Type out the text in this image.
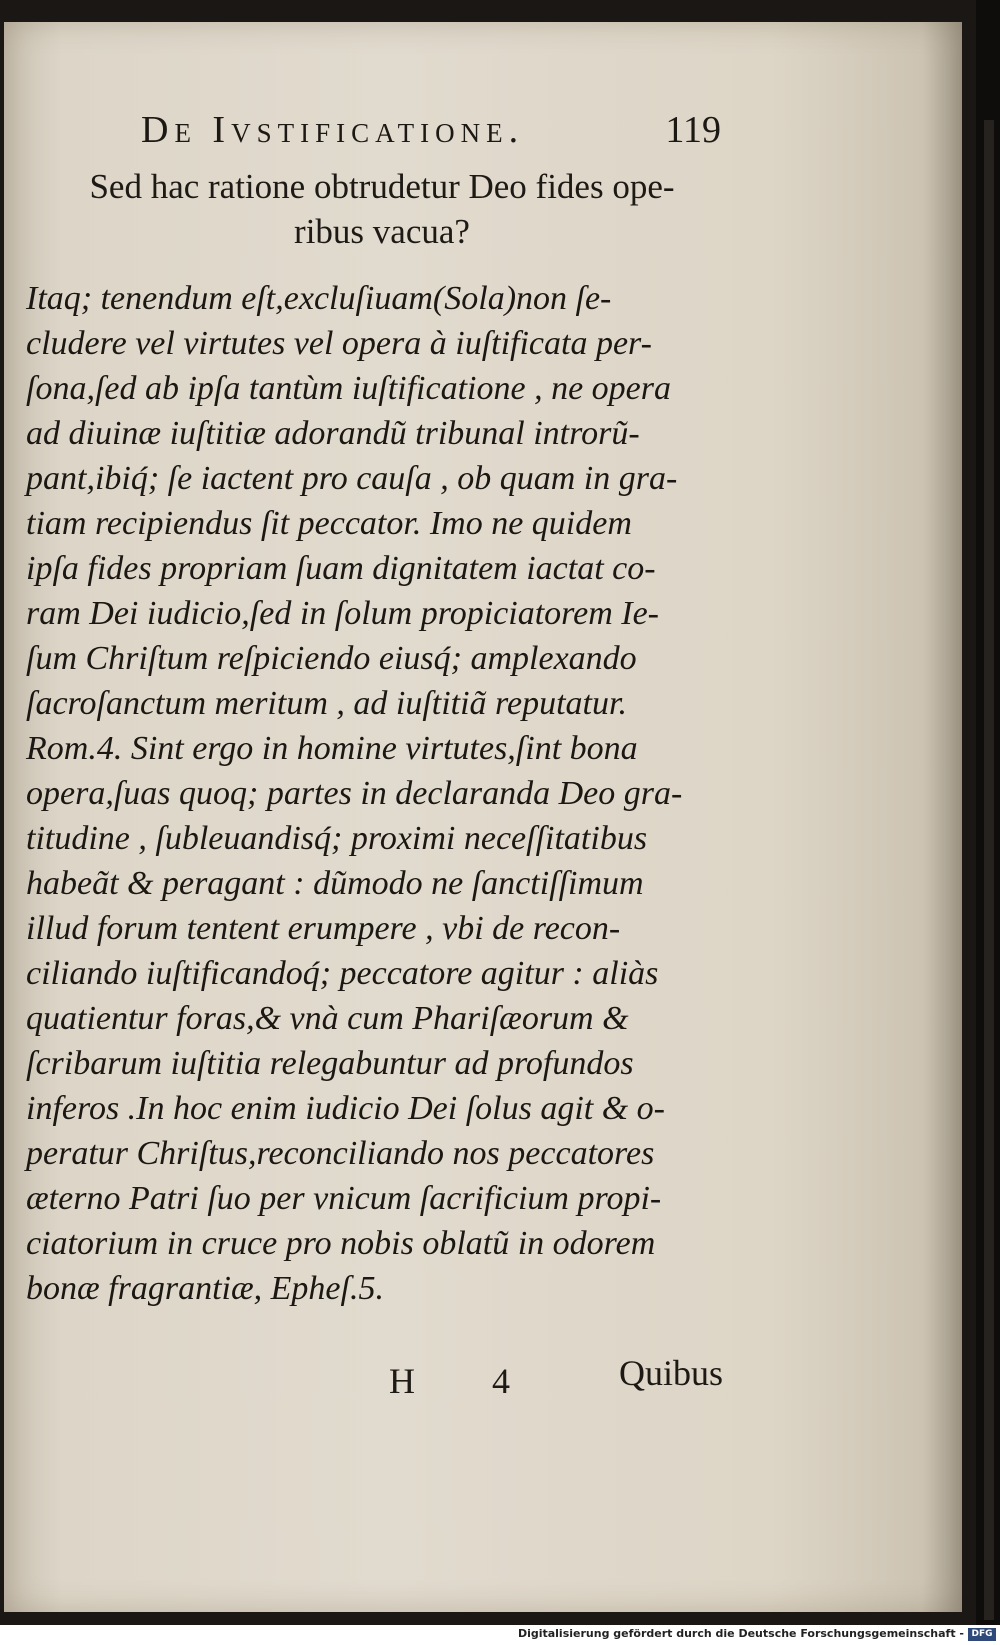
De Ivstificatione.	119
Sed hac ratione obtrudetur Deo fides ope-
ribus vacua?
Itaq; tenendum eſt,excluſiuam(Sola)non ſe-
cludere vel virtutes vel opera à iuſtificata per-
ſona,ſed ab ipſa tantùm iuſtificatione , ne opera
ad diuinæ iuſtitiæ adorandũ tribunal introrũ-
pant,ibiq́; ſe iactent pro cauſa , ob quam in gra-
tiam recipiendus ſit peccator. Imo ne quidem
ipſa fides propriam ſuam dignitatem iactat co-
ram Dei iudicio,ſed in ſolum propiciatorem Ie-
ſum Chriſtum reſpiciendo eiusq́; amplexando
ſacroſanctum meritum , ad iuſtitiã reputatur.
Rom.4. Sint ergo in homine virtutes,ſint bona
opera,ſuas quoq; partes in declaranda Deo gra-
titudine , ſubleuandisq́; proximi neceſſitatibus
habeãt & peragant : dũmodo ne ſanctiſſimum
illud forum tentent erumpere , vbi de recon-
ciliando iuſtificandoq́; peccatore agitur : aliàs
quatientur foras,& vnà cum Phariſæorum &
ſcribarum iuſtitia relegabuntur ad profundos
inferos .In hoc enim iudicio Dei ſolus agit & o-
peratur Chriſtus,reconciliando nos peccatores
æterno Patri ſuo per vnicum ſacrificium propi-
ciatorium in cruce pro nobis oblatũ in odorem
bonæ fragrantiæ, Epheſ.5.
H 4 Quibus
Digitalisierung gefördert durch die Deutsche Forschungsgemeinschaft - DFG
